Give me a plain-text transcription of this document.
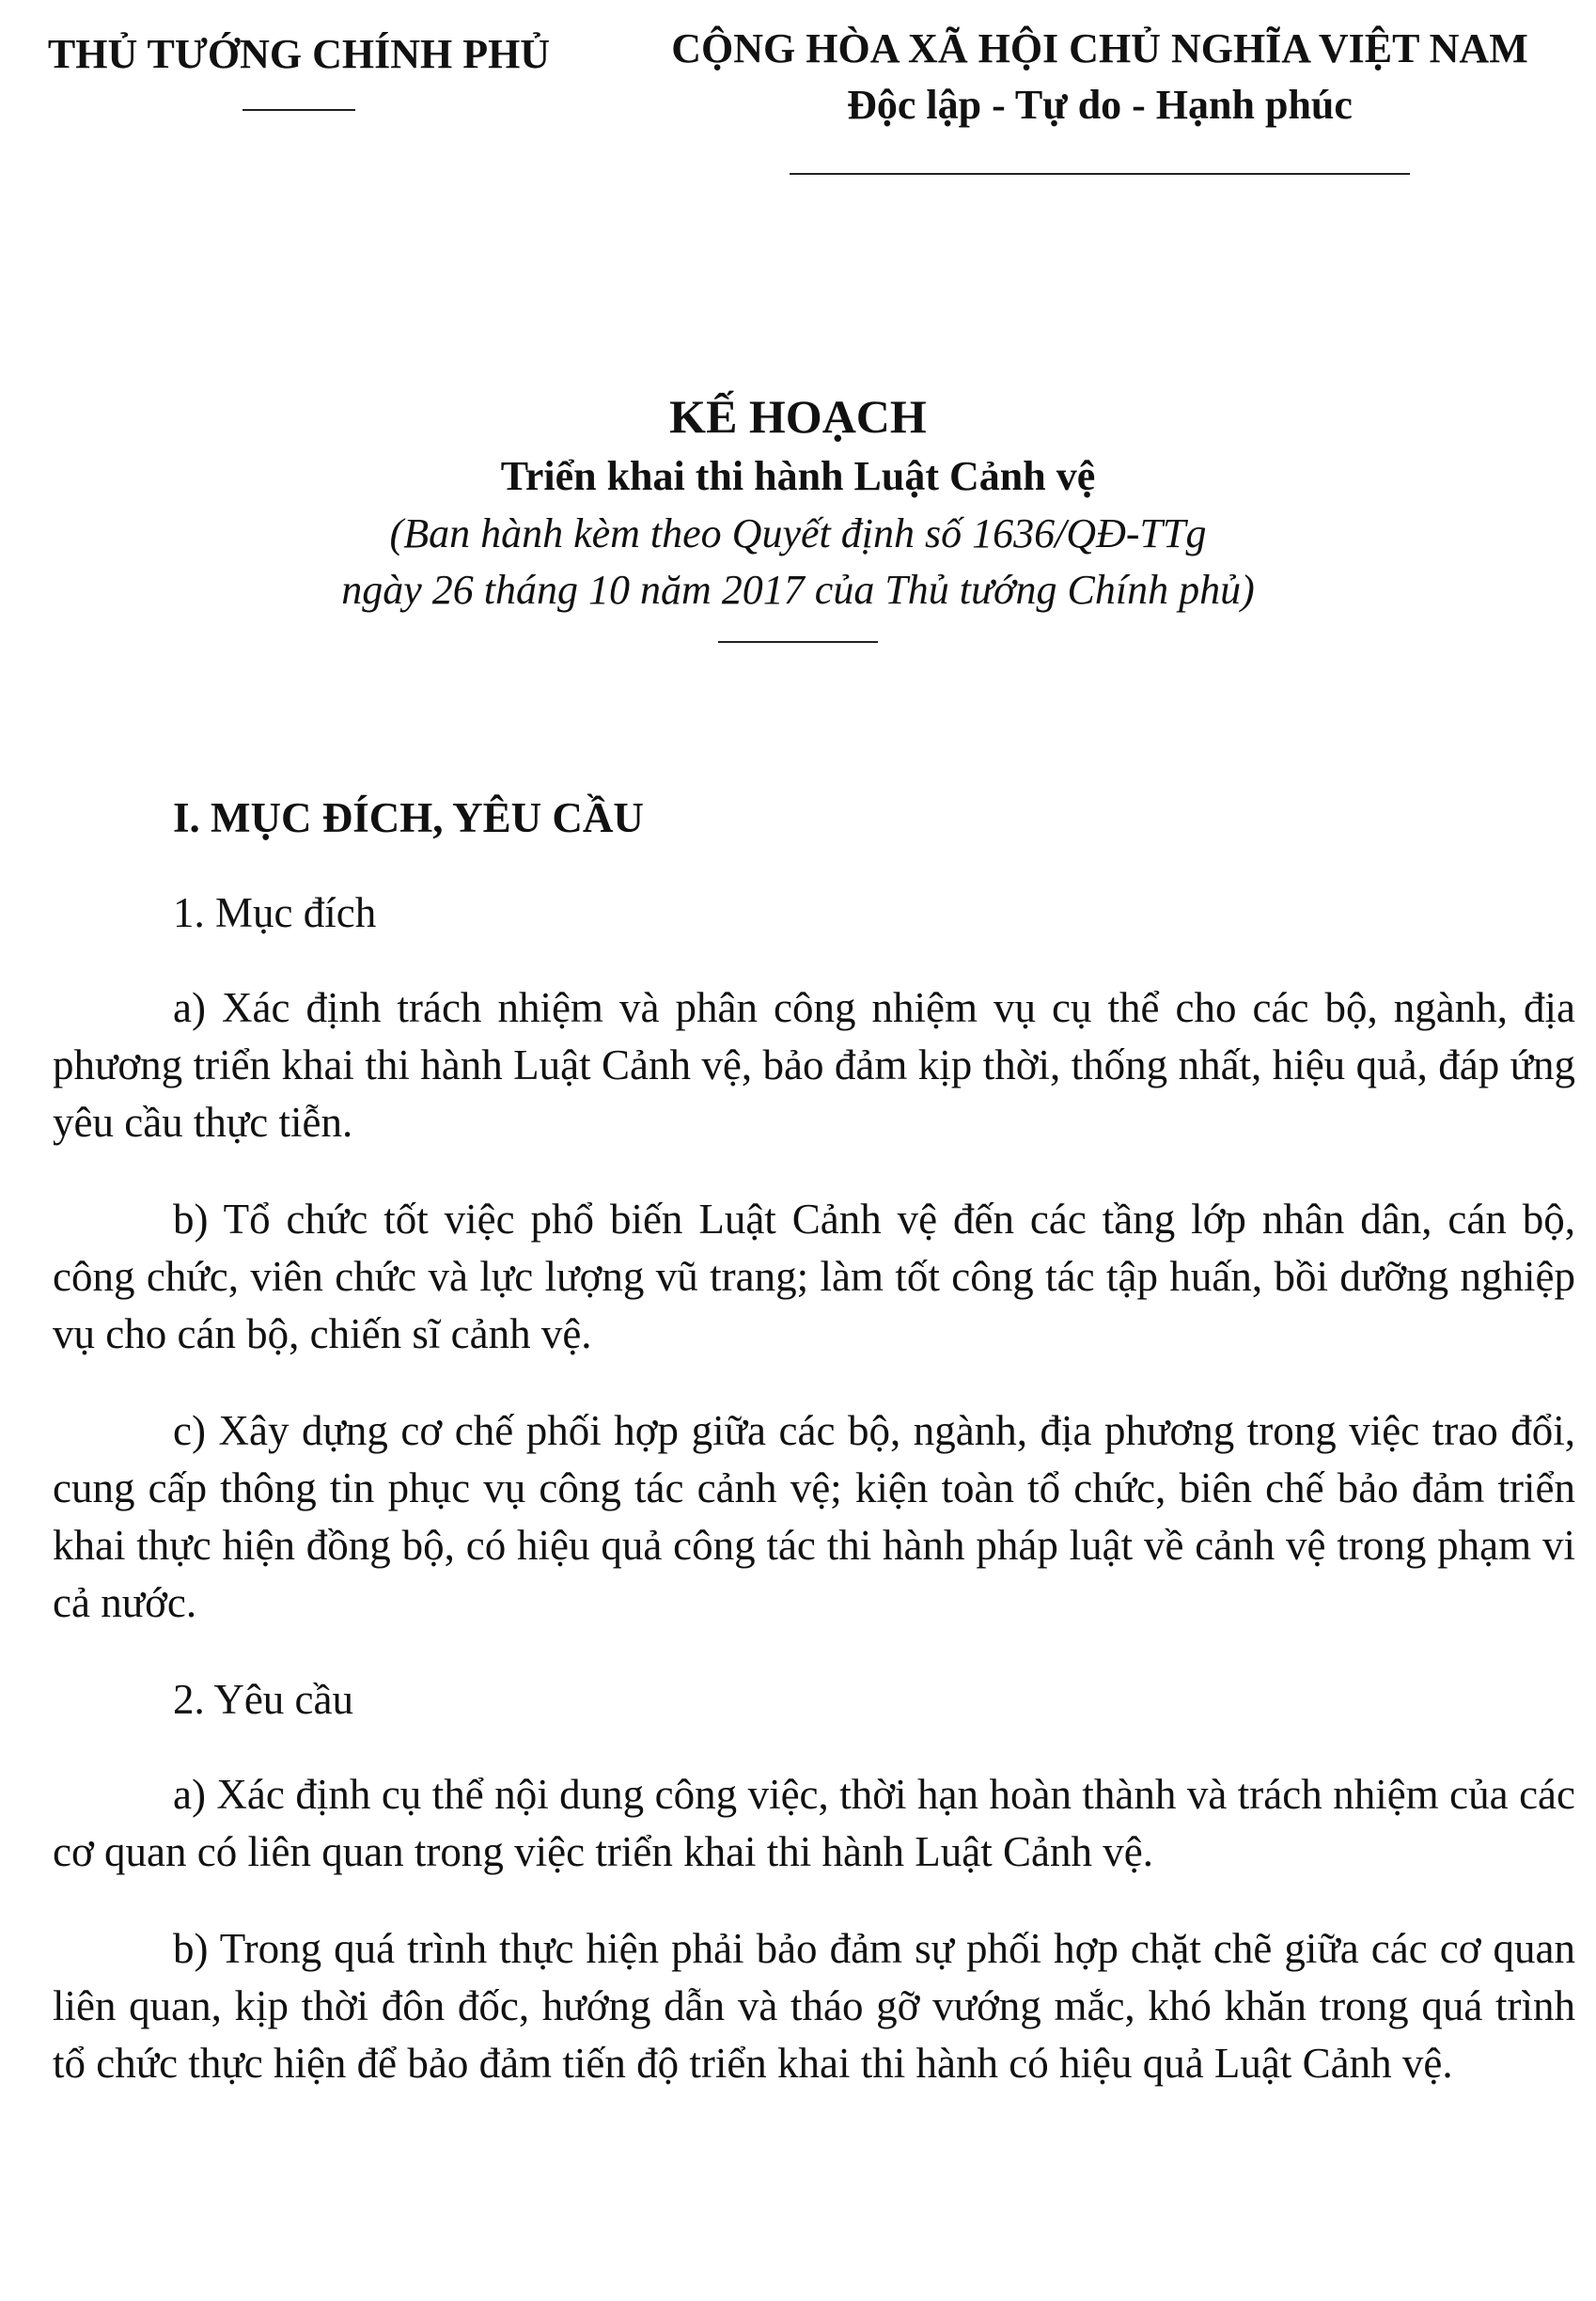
THỦ TƯỚNG CHÍNH PHỦ	CỘNG HÒA XÃ HỘI CHỦ NGHĨA VIỆT NAM
Độc lập - Tự do - Hạnh phúc
KẾ HOẠCH
Triển khai thi hành Luật Cảnh vệ
(Ban hành kèm theo Quyết định số 1636/QĐ-TTg
ngày 26 tháng 10 năm 2017 của Thủ tướng Chính phủ)
I. MỤC ĐÍCH, YÊU CẦU
1. Mục đích

a) Xác định trách nhiệm và phân công nhiệm vụ cụ thể cho các bộ, ngành, địa phương triển khai thi hành Luật Cảnh vệ, bảo đảm kịp thời, thống nhất, hiệu quả, đáp ứng yêu cầu thực tiễn.

b) Tổ chức tốt việc phổ biến Luật Cảnh vệ đến các tầng lớp nhân dân, cán bộ, công chức, viên chức và lực lượng vũ trang; làm tốt công tác tập huấn, bồi dưỡng nghiệp vụ cho cán bộ, chiến sĩ cảnh vệ.

c) Xây dựng cơ chế phối hợp giữa các bộ, ngành, địa phương trong việc trao đổi, cung cấp thông tin phục vụ công tác cảnh vệ; kiện toàn tổ chức, biên chế bảo đảm triển khai thực hiện đồng bộ, có hiệu quả công tác thi hành pháp luật về cảnh vệ trong phạm vi cả nước.

2. Yêu cầu

a) Xác định cụ thể nội dung công việc, thời hạn hoàn thành và trách nhiệm của các cơ quan có liên quan trong việc triển khai thi hành Luật Cảnh vệ.

b) Trong quá trình thực hiện phải bảo đảm sự phối hợp chặt chẽ giữa các cơ quan liên quan, kịp thời đôn đốc, hướng dẫn và tháo gỡ vướng mắc, khó khăn trong quá trình tổ chức thực hiện để bảo đảm tiến độ triển khai thi hành có hiệu quả Luật Cảnh vệ.
